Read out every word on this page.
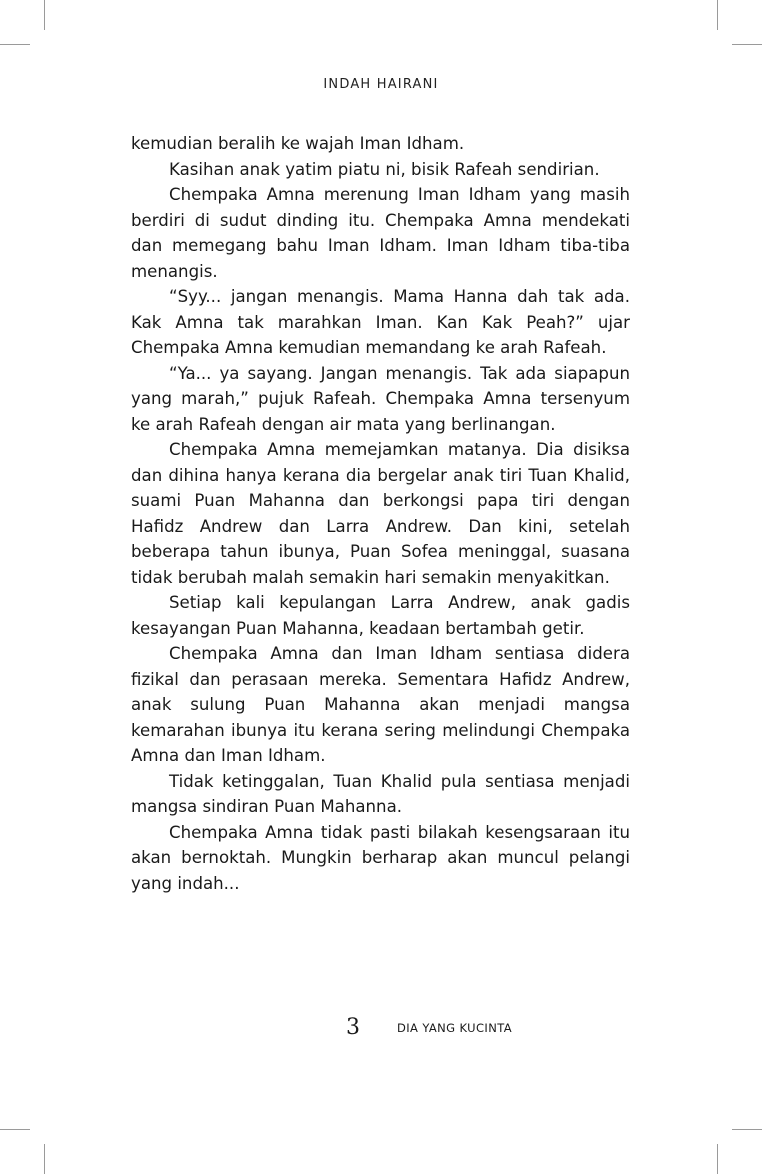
INDAH HAIRANI

kemudian beralih ke wajah Iman Idham.

Kasihan anak yatim piatu ni, bisik Rafeah sendirian.

Chempaka Amna merenung Iman Idham yang masih berdiri di sudut dinding itu. Chempaka Amna mendekati dan memegang bahu Iman Idham. Iman Idham tiba-tiba menangis.

“Syy... jangan menangis. Mama Hanna dah tak ada. Kak Amna tak marahkan Iman. Kan Kak Peah?” ujar Chempaka Amna kemudian memandang ke arah Rafeah.

“Ya... ya sayang. Jangan menangis. Tak ada siapapun yang marah,” pujuk Rafeah. Chempaka Amna tersenyum ke arah Rafeah dengan air mata yang berlinangan.

Chempaka Amna memejamkan matanya. Dia disiksa dan dihina hanya kerana dia bergelar anak tiri Tuan Khalid, suami Puan Mahanna dan berkongsi papa tiri dengan Hafidz Andrew dan Larra Andrew. Dan kini, setelah beberapa tahun ibunya, Puan Sofea meninggal, suasana tidak berubah malah semakin hari semakin menyakitkan.

Setiap kali kepulangan Larra Andrew, anak gadis kesayangan Puan Mahanna, keadaan bertambah getir.

Chempaka Amna dan Iman Idham sentiasa didera fizikal dan perasaan mereka. Sementara Hafidz Andrew, anak sulung Puan Mahanna akan menjadi mangsa kemarahan ibunya itu kerana sering melindungi Chempaka Amna dan Iman Idham.

Tidak ketinggalan, Tuan Khalid pula sentiasa menjadi mangsa sindiran Puan Mahanna.

Chempaka Amna tidak pasti bilakah kesengsaraan itu akan bernoktah. Mungkin berharap akan muncul pelangi yang indah...

3	DIA YANG KUCINTA
